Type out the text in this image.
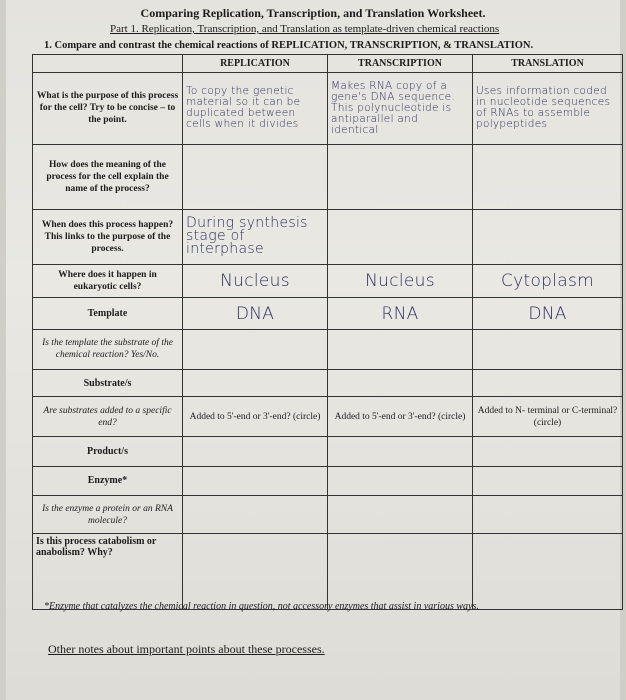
Comparing Replication, Transcription, and Translation Worksheet.
Part 1. Replication, Transcription, and Translation as template-driven chemical reactions
1. Compare and contrast the chemical reactions of REPLICATION, TRANSCRIPTION, & TRANSLATION.
	REPLICATION	TRANSCRIPTION	TRANSLATION
What is the purpose of this process for the cell? Try to be concise – to the point.	To copy the genetic material so it can be duplicated between cells when it divides	Makes RNA copy of a gene's DNA sequence. This polynucleotide is antiparallel and identical	Uses information coded in nucleotide sequences of RNAs to assemble polypeptides
How does the meaning of the process for the cell explain the name of the process?			
When does this process happen? This links to the purpose of the process.	During synthesis stage of interphase		
Where does it happen in eukaryotic cells?	Nucleus	Nucleus	Cytoplasm
Template	DNA	RNA	DNA
Is the template the substrate of the chemical reaction? Yes/No.			
Substrate/s			
Are substrates added to a specific end?	Added to 5'-end or 3'-end? (circle)	Added to 5'-end or 3'-end? (circle)	Added to N- terminal or C-terminal? (circle)
Product/s			
Enzyme*			
Is the enzyme a protein or an RNA molecule?			
Is this process catabolism or anabolism? Why?			
*Enzyme that catalyzes the chemical reaction in question, not accessory enzymes that assist in various ways.
Other notes about important points about these processes.
